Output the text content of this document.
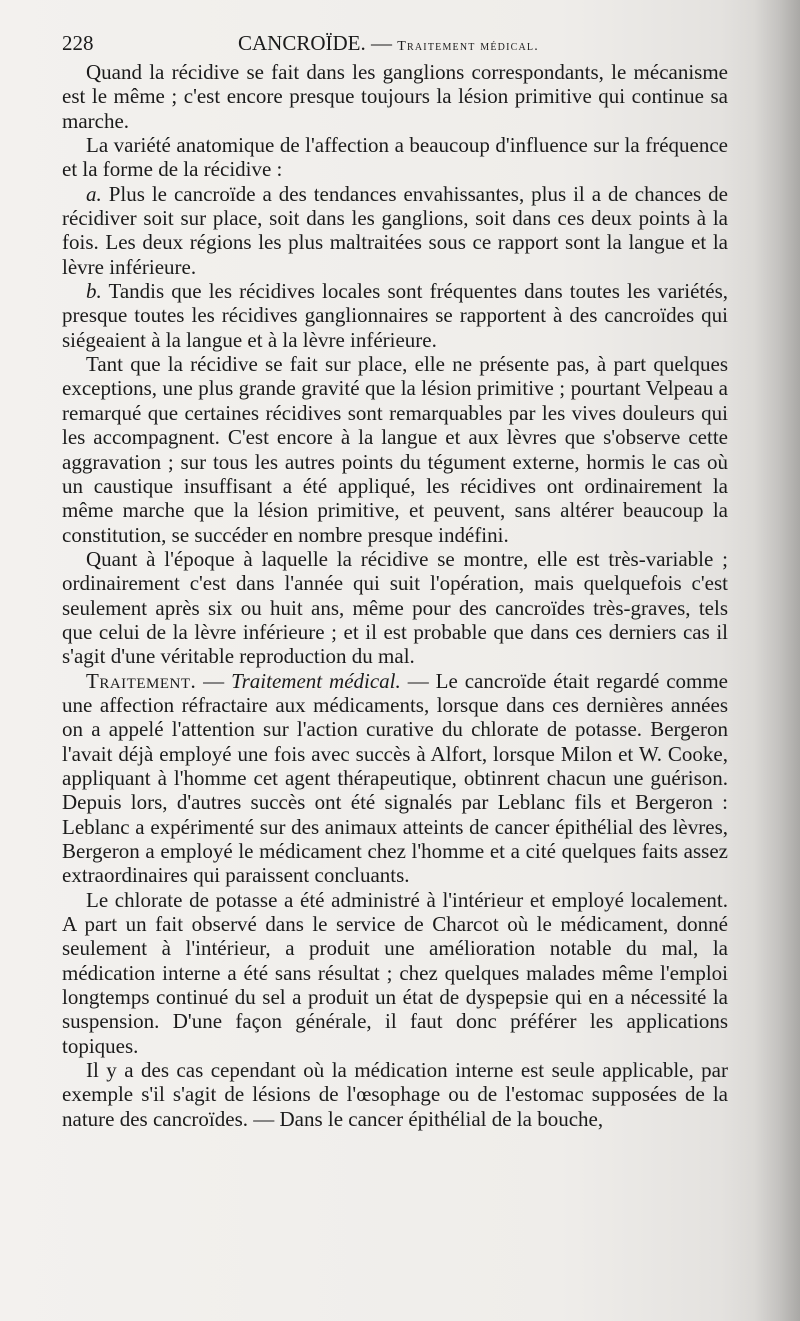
228	CANCROÏDE. — Traitement médical.

Quand la récidive se fait dans les ganglions correspondants, le mécanisme est le même ; c'est encore presque toujours la lésion primitive qui continue sa marche.

La variété anatomique de l'affection a beaucoup d'influence sur la fréquence et la forme de la récidive :

a. Plus le cancroïde a des tendances envahissantes, plus il a de chances de récidiver soit sur place, soit dans les ganglions, soit dans ces deux points à la fois. Les deux régions les plus maltraitées sous ce rapport sont la langue et la lèvre inférieure.

b. Tandis que les récidives locales sont fréquentes dans toutes les variétés, presque toutes les récidives ganglionnaires se rapportent à des cancroïdes qui siégeaient à la langue et à la lèvre inférieure.

Tant que la récidive se fait sur place, elle ne présente pas, à part quelques exceptions, une plus grande gravité que la lésion primitive ; pourtant Velpeau a remarqué que certaines récidives sont remarquables par les vives douleurs qui les accompagnent. C'est encore à la langue et aux lèvres que s'observe cette aggravation ; sur tous les autres points du tégument externe, hormis le cas où un caustique insuffisant a été appliqué, les récidives ont ordinairement la même marche que la lésion primitive, et peuvent, sans altérer beaucoup la constitution, se succéder en nombre presque indéfini.

Quant à l'époque à laquelle la récidive se montre, elle est très-variable ; ordinairement c'est dans l'année qui suit l'opération, mais quelquefois c'est seulement après six ou huit ans, même pour des cancroïdes très-graves, tels que celui de la lèvre inférieure ; et il est probable que dans ces derniers cas il s'agit d'une véritable reproduction du mal.

Traitement. — Traitement médical. — Le cancroïde était regardé comme une affection réfractaire aux médicaments, lorsque dans ces dernières années on a appelé l'attention sur l'action curative du chlorate de potasse. Bergeron l'avait déjà employé une fois avec succès à Alfort, lorsque Milon et W. Cooke, appliquant à l'homme cet agent thérapeutique, obtinrent chacun une guérison. Depuis lors, d'autres succès ont été signalés par Leblanc fils et Bergeron : Leblanc a expérimenté sur des animaux atteints de cancer épithélial des lèvres, Bergeron a employé le médicament chez l'homme et a cité quelques faits assez extraordinaires qui paraissent concluants.

Le chlorate de potasse a été administré à l'intérieur et employé localement. A part un fait observé dans le service de Charcot où le médicament, donné seulement à l'intérieur, a produit une amélioration notable du mal, la médication interne a été sans résultat ; chez quelques malades même l'emploi longtemps continué du sel a produit un état de dyspepsie qui en a nécessité la suspension. D'une façon générale, il faut donc préférer les applications topiques.

Il y a des cas cependant où la médication interne est seule applicable, par exemple s'il s'agit de lésions de l'œsophage ou de l'estomac supposées de la nature des cancroïdes. — Dans le cancer épithélial de la bouche,
